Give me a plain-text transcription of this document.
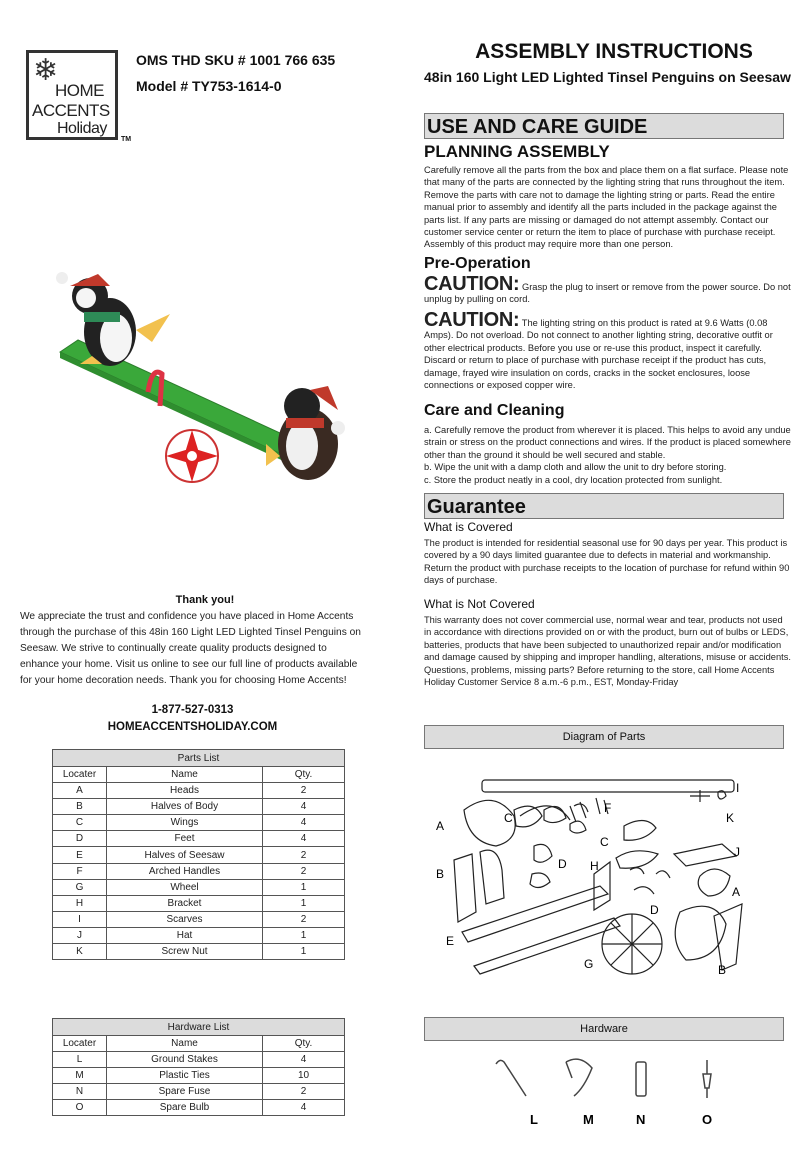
❄
HOME
ACCENTS
Holiday
TM
OMS THD SKU # 1001 766 635
Model # TY753-1614-0
ASSEMBLY INSTRUCTIONS
48in 160 Light LED Lighted Tinsel Penguins on Seesaw
Thank you!
We appreciate the trust and confidence you have placed in Home Accents through the purchase of this 48in 160 Light LED Lighted Tinsel Penguins on Seesaw. We strive to continually create quality products designed to enhance your home. Visit us online to see our full line of products available for your home decoration needs. Thank you for choosing Home Accents!
1-877-527-0313
HOMEACCENTSHOLIDAY.COM
Parts List		
Locater	Name	Qty.
A	Heads	2
B	Halves of Body	4
C	Wings	4
D	Feet	4
E	Halves of Seesaw	2
F	Arched Handles	2
G	Wheel	1
H	Bracket	1
I	Scarves	2
J	Hat	1
K	Screw Nut	1
Hardware List		
Locater	Name	Qty.
L	Ground Stakes	4
M	Plastic Ties	10
N	Spare Fuse	2
O	Spare Bulb	4
USE AND CARE GUIDE
PLANNING ASSEMBLY
Carefully remove all the parts from the box and place them on a flat surface. Please note that many of the parts are connected by the lighting string that runs throughout the item. Remove the parts with care not to damage the lighting string or parts. Read the entire manual prior to assembly and identify all the parts included in the package against the parts list. If any parts are missing or damaged do not attempt assembly. Contact our customer service center or return the item to place of purchase with purchase receipt. Assembly of this product may require more than one person.
Pre-Operation
CAUTION: Grasp the plug to insert or remove from the power source. Do not unplug by pulling on cord.
CAUTION: The lighting string on this product is rated at 9.6 Watts (0.08 Amps). Do not overload. Do not connect to another lighting string, decorative outfit or other electrical products. Before you use or re-use this product, inspect it carefully. Discard or return to place of purchase with purchase receipt if the product has cuts, damage, frayed wire insulation on cords, cracks in the socket enclosures, loose connections or exposed copper wire.
Care and Cleaning
a. Carefully remove the product from wherever it is placed. This helps to avoid any undue strain or stress on the product connections and wires. If the product is placed somewhere other than the ground it should be well secured and stable.
b. Wipe the unit with a damp cloth and allow the unit to dry before storing.
c. Store the product neatly in a cool, dry location protected from sunlight.
Guarantee
What is Covered
The product is intended for residential seasonal use for 90 days per year. This product is covered by a 90 days limited guarantee due to defects in material and workmanship. Return the product with purchase receipts to the location of purchase for refund within 90 days of purchase.
What is Not Covered
This warranty does not cover commercial use, normal wear and tear, products not used in accordance with directions provided on or with the product, burn out of bulbs or LEDS, batteries, products that have been subjected to unauthorized repair and/or modification and damage caused by shipping and improper handling, alterations, misuse or accidents. Questions, problems, missing parts? Before returning to the store, call Home Accents Holiday Customer Service 8 a.m.-6 p.m., EST, Monday-Friday
Diagram of Parts
I
K
F
C
C
A
A
J
D
D
H
B
B
E
G
Hardware
L	M	N	O
